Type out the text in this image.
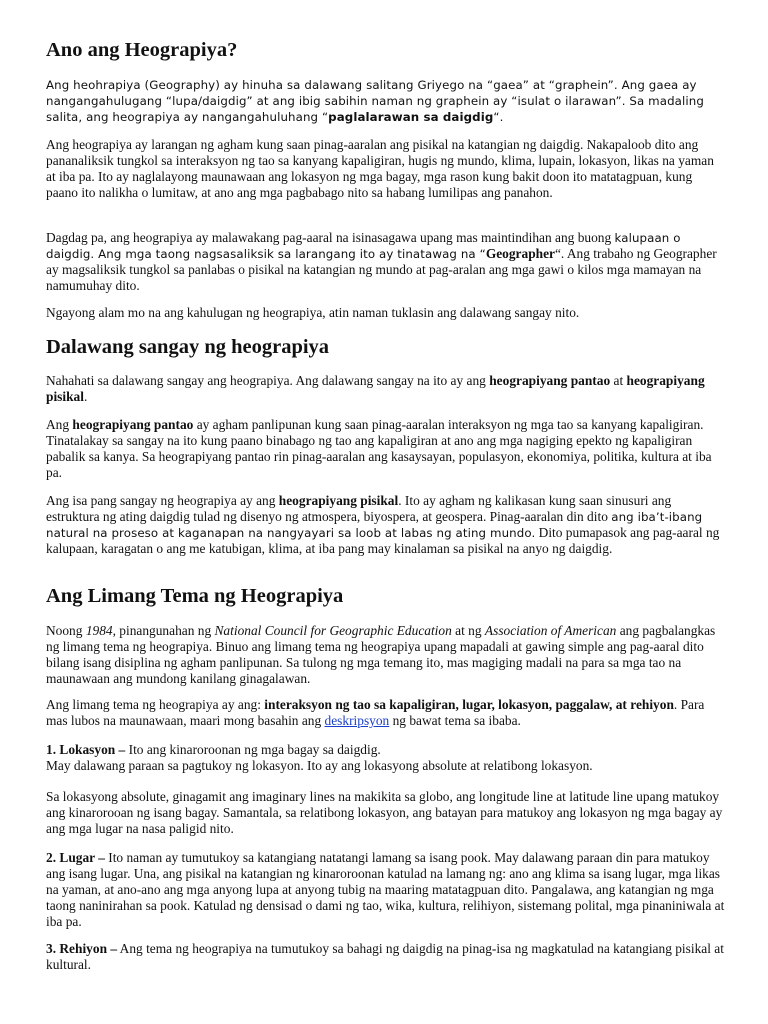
Ano ang Heograpiya?

Ang heohrapiya (Geography) ay hinuha sa dalawang salitang Griyego na “gaea” at “graphein”. Ang gaea ay nangangahulugang “lupa/daigdig” at ang ibig sabihin naman ng graphein ay “isulat o ilarawan”. Sa madaling salita, ang heograpiya ay nangangahuluhang “paglalarawan sa daigdig“.

Ang heograpiya ay larangan ng agham kung saan pinag-aaralan ang pisikal na katangian ng daigdig. Nakapaloob dito ang pananaliksik tungkol sa interaksyon ng tao sa kanyang kapaligiran, hugis ng mundo, klima, lupain, lokasyon, likas na yaman at iba pa. Ito ay naglalayong maunawaan ang lokasyon ng mga bagay, mga rason kung bakit doon ito matatagpuan, kung paano ito nalikha o lumitaw, at ano ang mga pagbabago nito sa habang lumilipas ang panahon.

Dagdag pa, ang heograpiya ay malawakang pag-aaral na isinasagawa upang mas maintindihan ang buong kalupaan o daigdig. Ang mga taong nagsasaliksik sa larangang ito ay tinatawag na “Geographer“. Ang trabaho ng Geographer ay magsaliksik tungkol sa panlabas o pisikal na katangian ng mundo at pag-aralan ang mga gawi o kilos mga mamayan na namumuhay dito.

Ngayong alam mo na ang kahulugan ng heograpiya, atin naman tuklasin ang dalawang sangay nito.

Dalawang sangay ng heograpiya

Nahahati sa dalawang sangay ang heograpiya. Ang dalawang sangay na ito ay ang heograpiyang pantao at heograpiyang pisikal.

Ang heograpiyang pantao ay agham panlipunan kung saan pinag-aaralan interaksyon ng mga tao sa kanyang kapaligiran. Tinatalakay sa sangay na ito kung paano binabago ng tao ang kapaligiran at ano ang mga nagiging epekto ng kapaligiran pabalik sa kanya. Sa heograpiyang pantao rin pinag-aaralan ang kasaysayan, populasyon, ekonomiya, politika, kultura at iba pa.

Ang isa pang sangay ng heograpiya ay ang heograpiyang pisikal. Ito ay agham ng kalikasan kung saan sinusuri ang estruktura ng ating daigdig tulad ng disenyo ng atmospera, biyospera, at geospera. Pinag-aaralan din dito ang iba’t-ibang natural na proseso at kaganapan na nangyayari sa loob at labas ng ating mundo. Dito pumapasok ang pag-aaral ng kalupaan, karagatan o ang me katubigan, klima, at iba pang may kinalaman sa pisikal na anyo ng daigdig.

Ang Limang Tema ng Heograpiya

Noong 1984, pinangunahan ng National Council for Geographic Education at ng Association of American ang pagbalangkas ng limang tema ng heograpiya. Binuo ang limang tema ng heograpiya upang mapadali at gawing simple ang pag-aaral dito bilang isang disiplina ng agham panlipunan. Sa tulong ng mga temang ito, mas magiging madali na para sa mga tao na maunawaan ang mundong kanilang ginagalawan.

Ang limang tema ng heograpiya ay ang: interaksyon ng tao sa kapaligiran, lugar, lokasyon, paggalaw, at rehiyon. Para mas lubos na maunawaan, maari mong basahin ang deskripsyon ng bawat tema sa ibaba.

1. Lokasyon – Ito ang kinaroroonan ng mga bagay sa daigdig.
May dalawang paraan sa pagtukoy ng lokasyon. Ito ay ang lokasyong absolute at relatibong lokasyon.

Sa lokasyong absolute, ginagamit ang imaginary lines na makikita sa globo, ang longitude line at latitude line upang matukoy ang kinarorooan ng isang bagay. Samantala, sa relatibong lokasyon, ang batayan para matukoy ang lokasyon ng mga bagay ay ang mga lugar na nasa paligid nito.

2. Lugar – Ito naman ay tumutukoy sa katangiang natatangi lamang sa isang pook. May dalawang paraan din para matukoy ang isang lugar. Una, ang pisikal na katangian ng kinaroroonan katulad na lamang ng: ano ang klima sa isang lugar, mga likas na yaman, at ano-ano ang mga anyong lupa at anyong tubig na maaring matatagpuan dito. Pangalawa, ang katangian ng mga taong naninirahan sa pook. Katulad ng densisad o dami ng tao, wika, kultura, relihiyon, sistemang polital, mga pinaniniwala at iba pa.

3. Rehiyon – Ang tema ng heograpiya na tumutukoy sa bahagi ng daigdig na pinag-isa ng magkatulad na katangiang pisikal at kultural.
